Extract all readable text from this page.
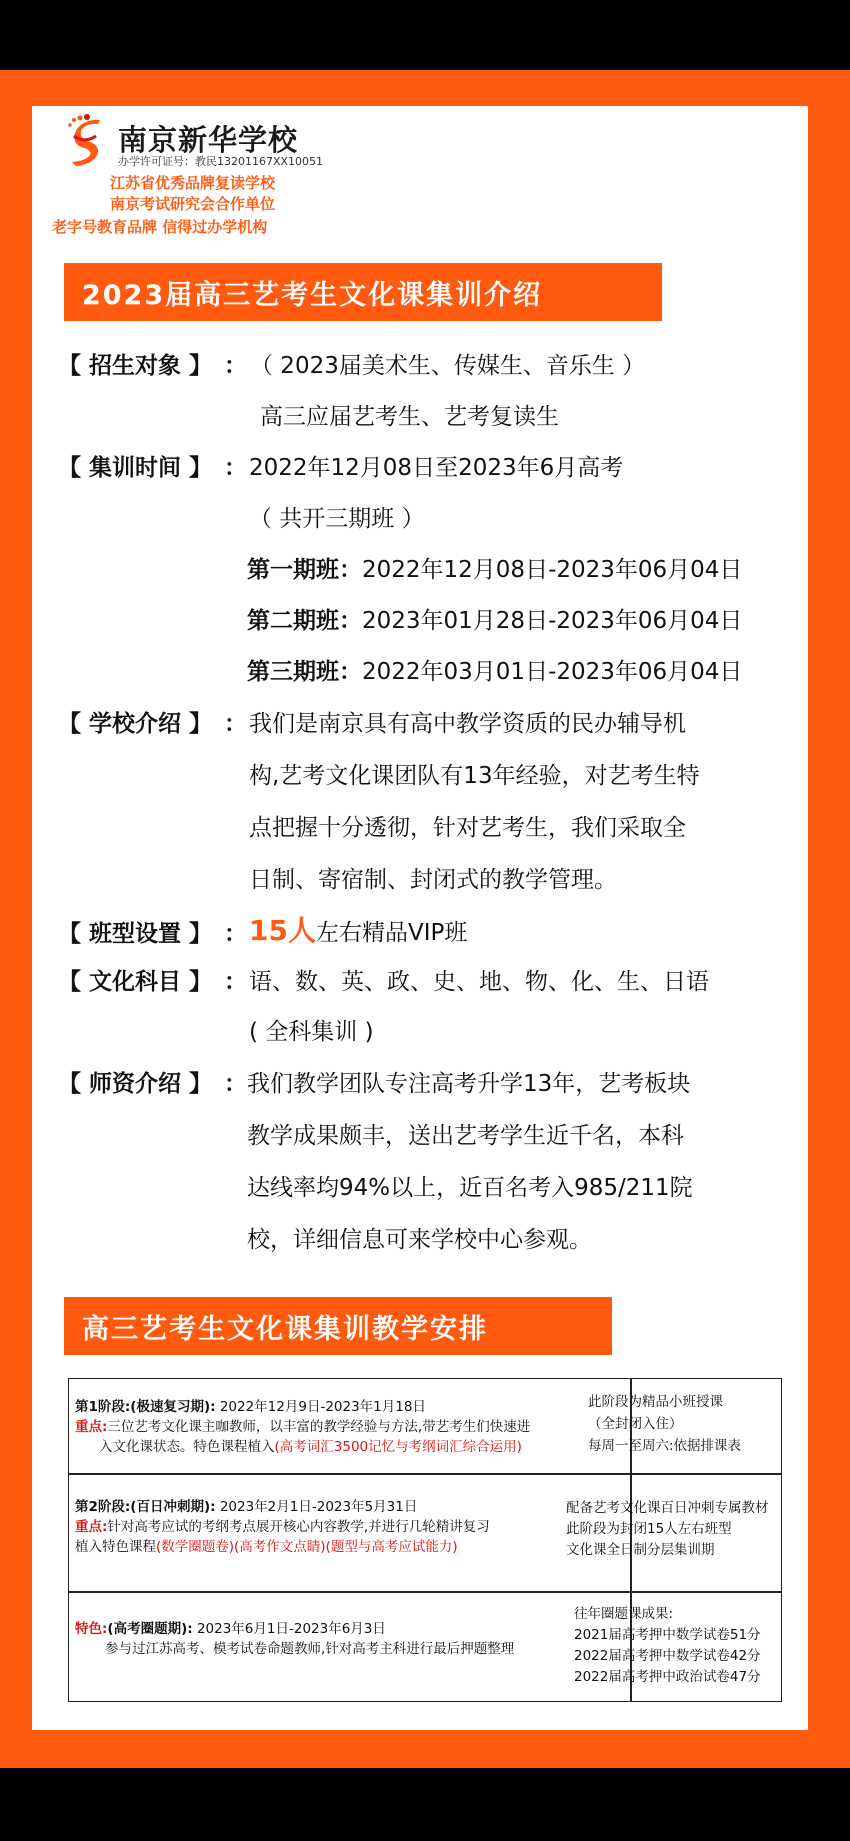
南京新华学校
办学许可证号：教民13201167XX10051
江苏省优秀品牌复读学校
南京考试研究会合作单位
老字号教育品牌 信得过办学机构
2023届高三艺考生文化课集训介绍
【 招生对象 】 ： （ 2023届美术生、传媒生、音乐生 ）
高三应届艺考生、艺考复读生
【 集训时间 】 ： 2022年12月08日至2023年6月高考
（ 共开三期班 ）
第一期班：2022年12月08日-2023年06月04日
第二期班：2023年01月28日-2023年06月04日
第三期班：2022年03月01日-2023年06月04日
【 学校介绍 】 ： 我们是南京具有高中教学资质的民办辅导机
构,艺考文化课团队有13年经验，对艺考生特
点把握十分透彻，针对艺考生，我们采取全
日制、寄宿制、封闭式的教学管理。
【 班型设置 】 ： 15人左右精品VIP班
【 文化科目 】 ： 语、数、英、政、史、地、物、化、生、日语
( 全科集训 )
【 师资介绍 】 ： 我们教学团队专注高考升学13年，艺考板块
教学成果颇丰，送出艺考学生近千名，本科
达线率均94%以上，近百名考入985/211院
校，详细信息可来学校中心参观。
高三艺考生文化课集训教学安排
第1阶段:(极速复习期): 2022年12月9日-2023年1月18日
重点:三位艺考文化课主咖教师，以丰富的教学经验与方法,带艺考生们快速进
入文化课状态。特色课程植入(高考词汇3500记忆与考纲词汇综合运用)
第2阶段:(百日冲刺期): 2023年2月1日-2023年5月31日
重点:针对高考应试的考纲考点展开核心内容教学,并进行几轮精讲复习
植入特色课程(数学圈题卷)(高考作文点睛)(题型与高考应试能力)
特色:(高考圈题期): 2023年6月1日-2023年6月3日
参与过江苏高考、模考试卷命题教师,针对高考主科进行最后押题整理
此阶段为精品小班授课
（全封闭入住）
每周一至周六:依据排课表
配备艺考文化课百日冲刺专属教材
此阶段为封闭15人左右班型
文化课全日制分层集训期
往年圈题课成果:
2021届高考押中数学试卷51分
2022届高考押中数学试卷42分
2022届高考押中政治试卷47分
